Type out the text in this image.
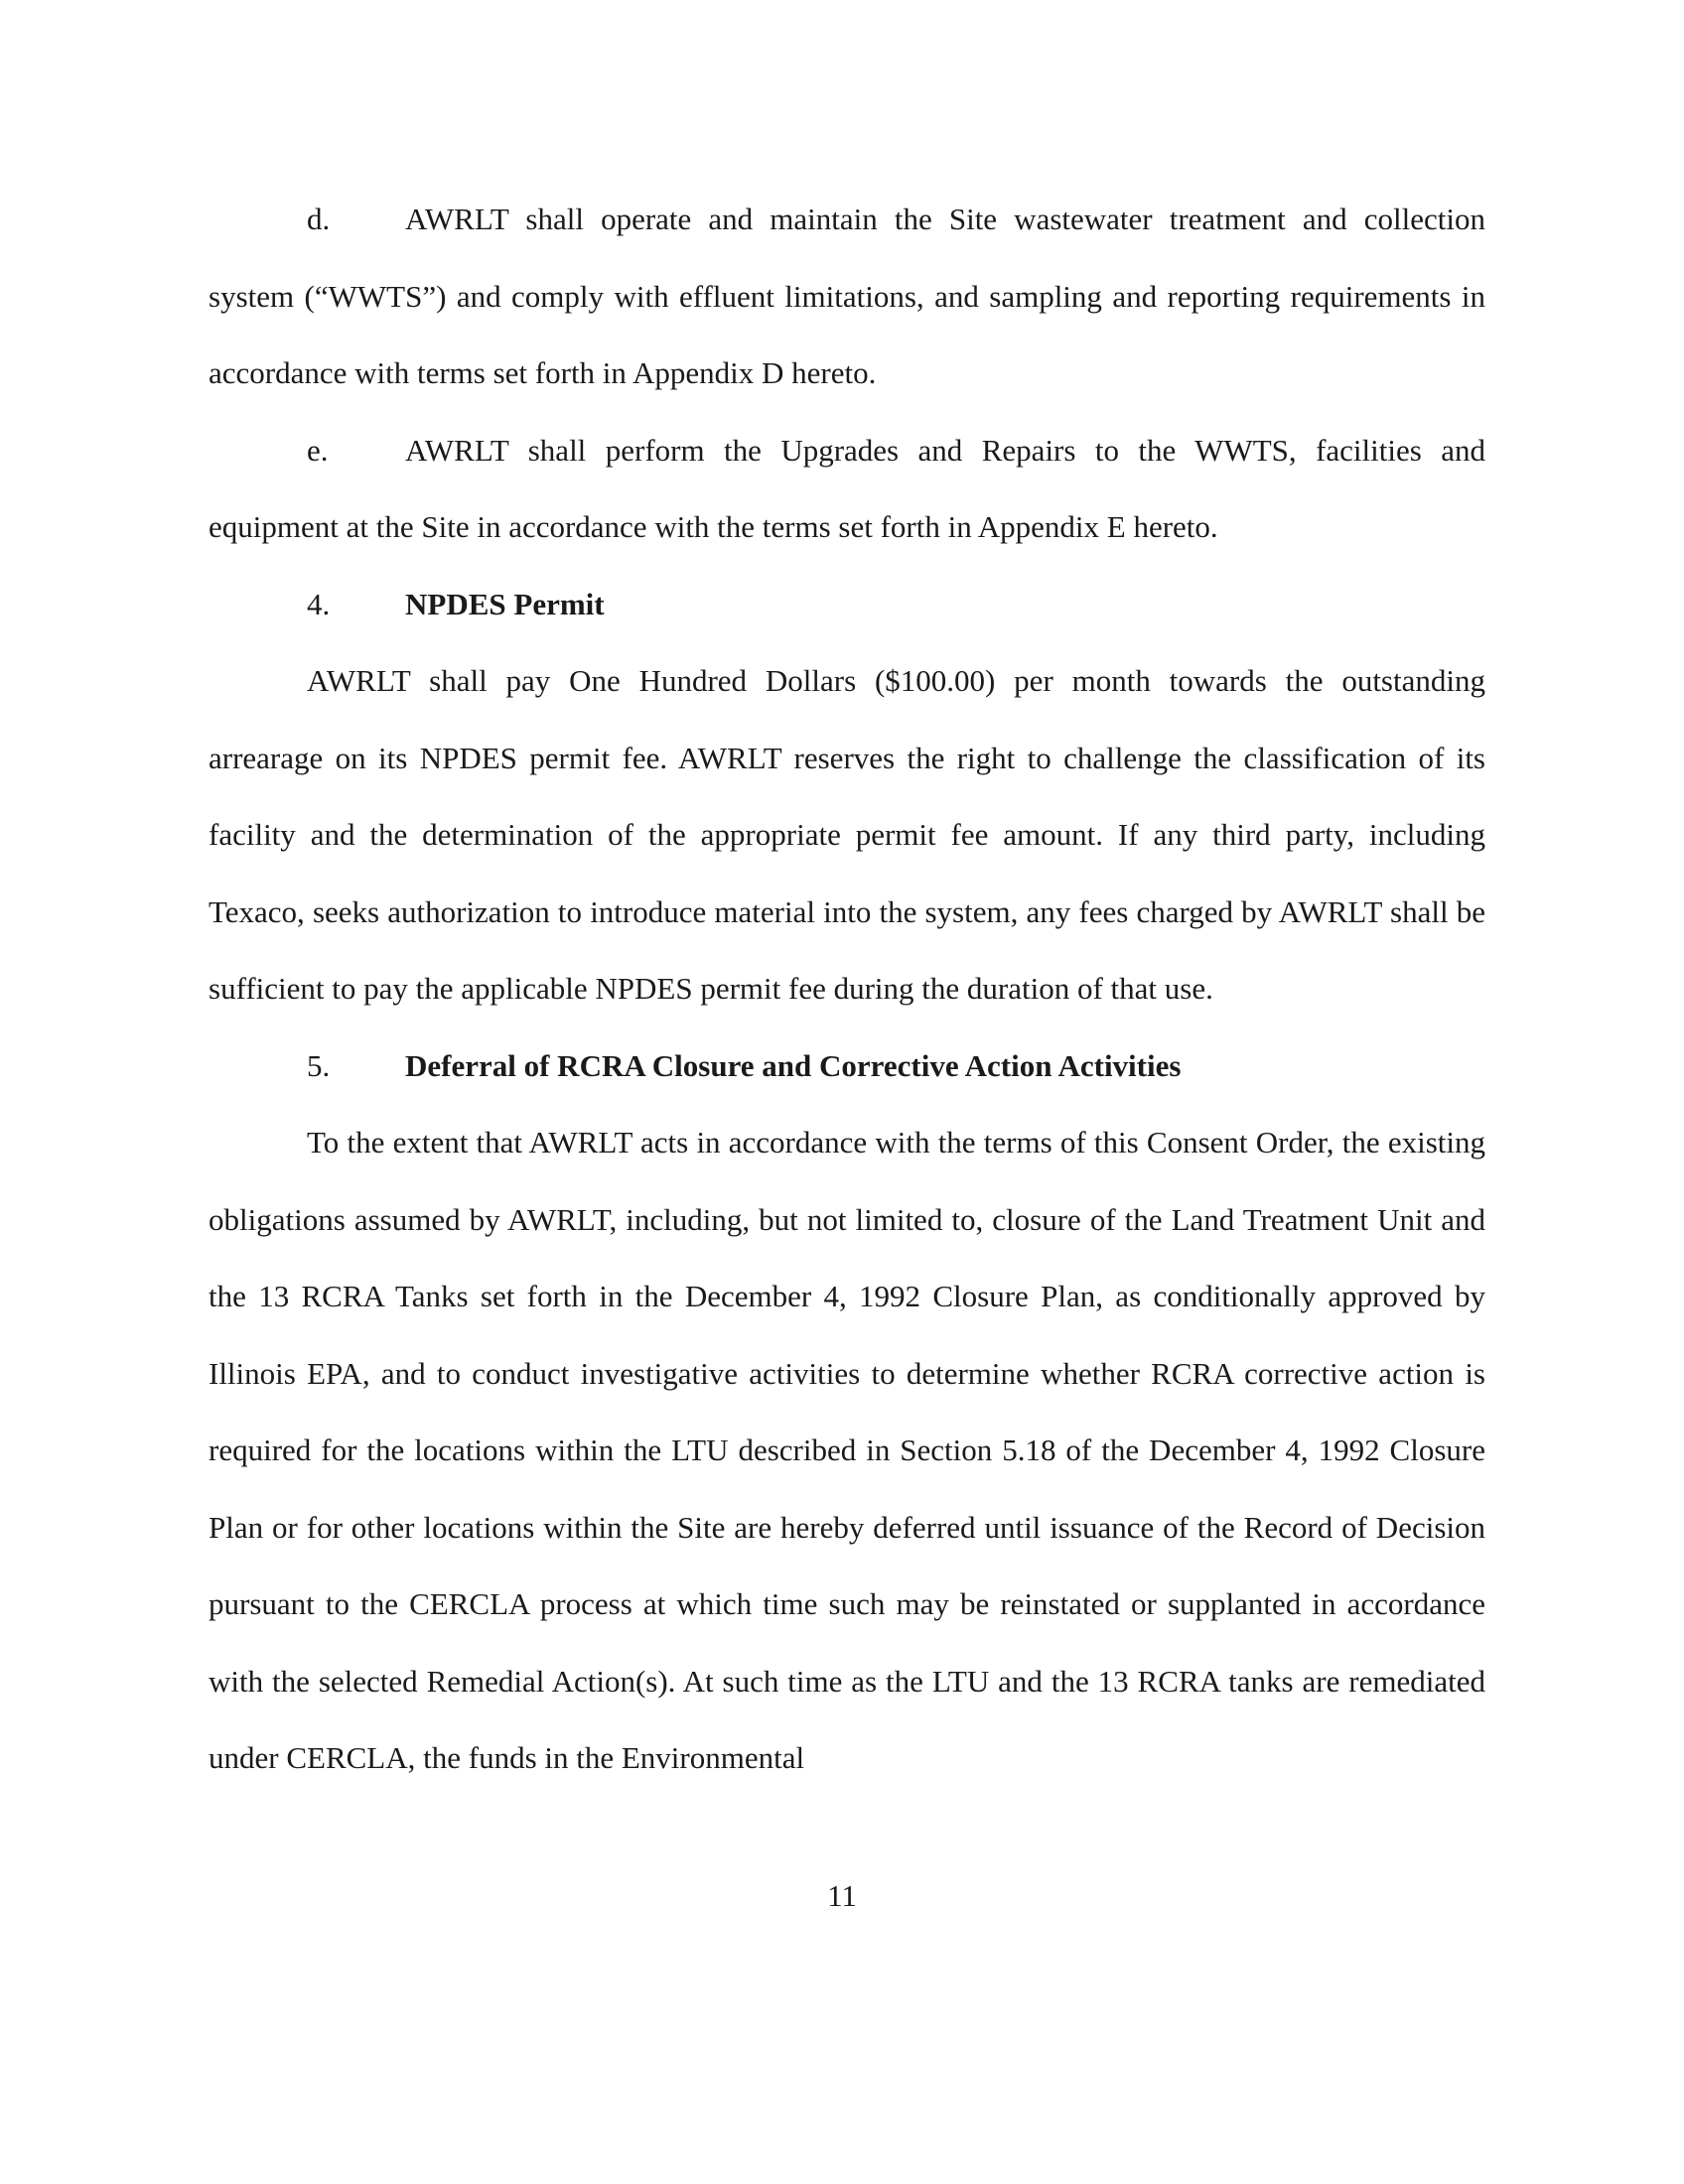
d. AWRLT shall operate and maintain the Site wastewater treatment and collection system (“WWTS”) and comply with effluent limitations, and sampling and reporting requirements in accordance with terms set forth in Appendix D hereto.

e. AWRLT shall perform the Upgrades and Repairs to the WWTS, facilities and equipment at the Site in accordance with the terms set forth in Appendix E hereto.

4. NPDES Permit

AWRLT shall pay One Hundred Dollars ($100.00) per month towards the outstanding arrearage on its NPDES permit fee. AWRLT reserves the right to challenge the classification of its facility and the determination of the appropriate permit fee amount. If any third party, including Texaco, seeks authorization to introduce material into the system, any fees charged by AWRLT shall be sufficient to pay the applicable NPDES permit fee during the duration of that use.

5. Deferral of RCRA Closure and Corrective Action Activities

To the extent that AWRLT acts in accordance with the terms of this Consent Order, the existing obligations assumed by AWRLT, including, but not limited to, closure of the Land Treatment Unit and the 13 RCRA Tanks set forth in the December 4, 1992 Closure Plan, as conditionally approved by Illinois EPA, and to conduct investigative activities to determine whether RCRA corrective action is required for the locations within the LTU described in Section 5.18 of the December 4, 1992 Closure Plan or for other locations within the Site are hereby deferred until issuance of the Record of Decision pursuant to the CERCLA process at which time such may be reinstated or supplanted in accordance with the selected Remedial Action(s). At such time as the LTU and the 13 RCRA tanks are remediated under CERCLA, the funds in the Environmental

11
